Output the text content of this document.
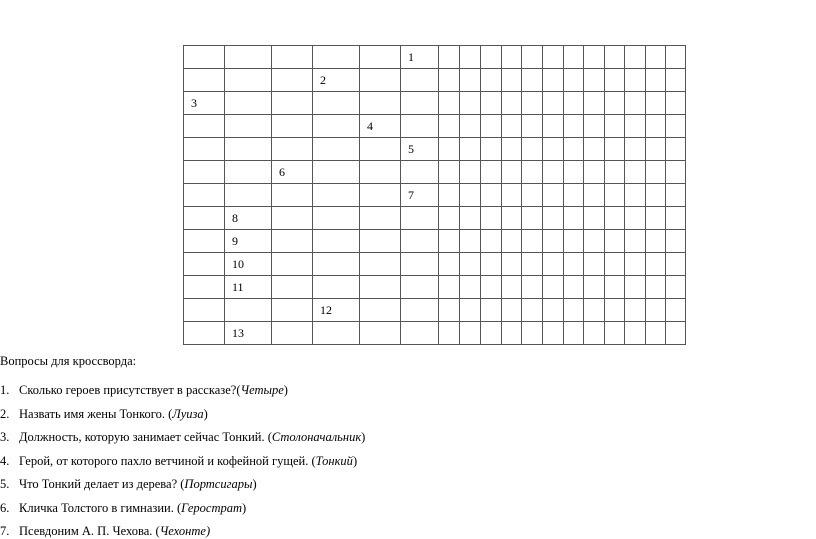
					1												
			2														
3																	
				4													
					5												
		6															
					7												
	8																
	9																
	10																
	11																
			12														
	13																
Вопросы для кроссворда:
1. Сколько героев присутствует в рассказе?(Четыре)
2. Назвать имя жены Тонкого. (Луиза)
3. Должность, которую занимает сейчас Тонкий. (Столоначальник)
4. Герой, от которого пахло ветчиной и кофейной гущей. (Тонкий)
5. Что Тонкий делает из дерева? (Портсигары)
6. Кличка Толстого в гимназии. (Герострат)
7. Псевдоним А. П. Чехова. (Чехонте)
